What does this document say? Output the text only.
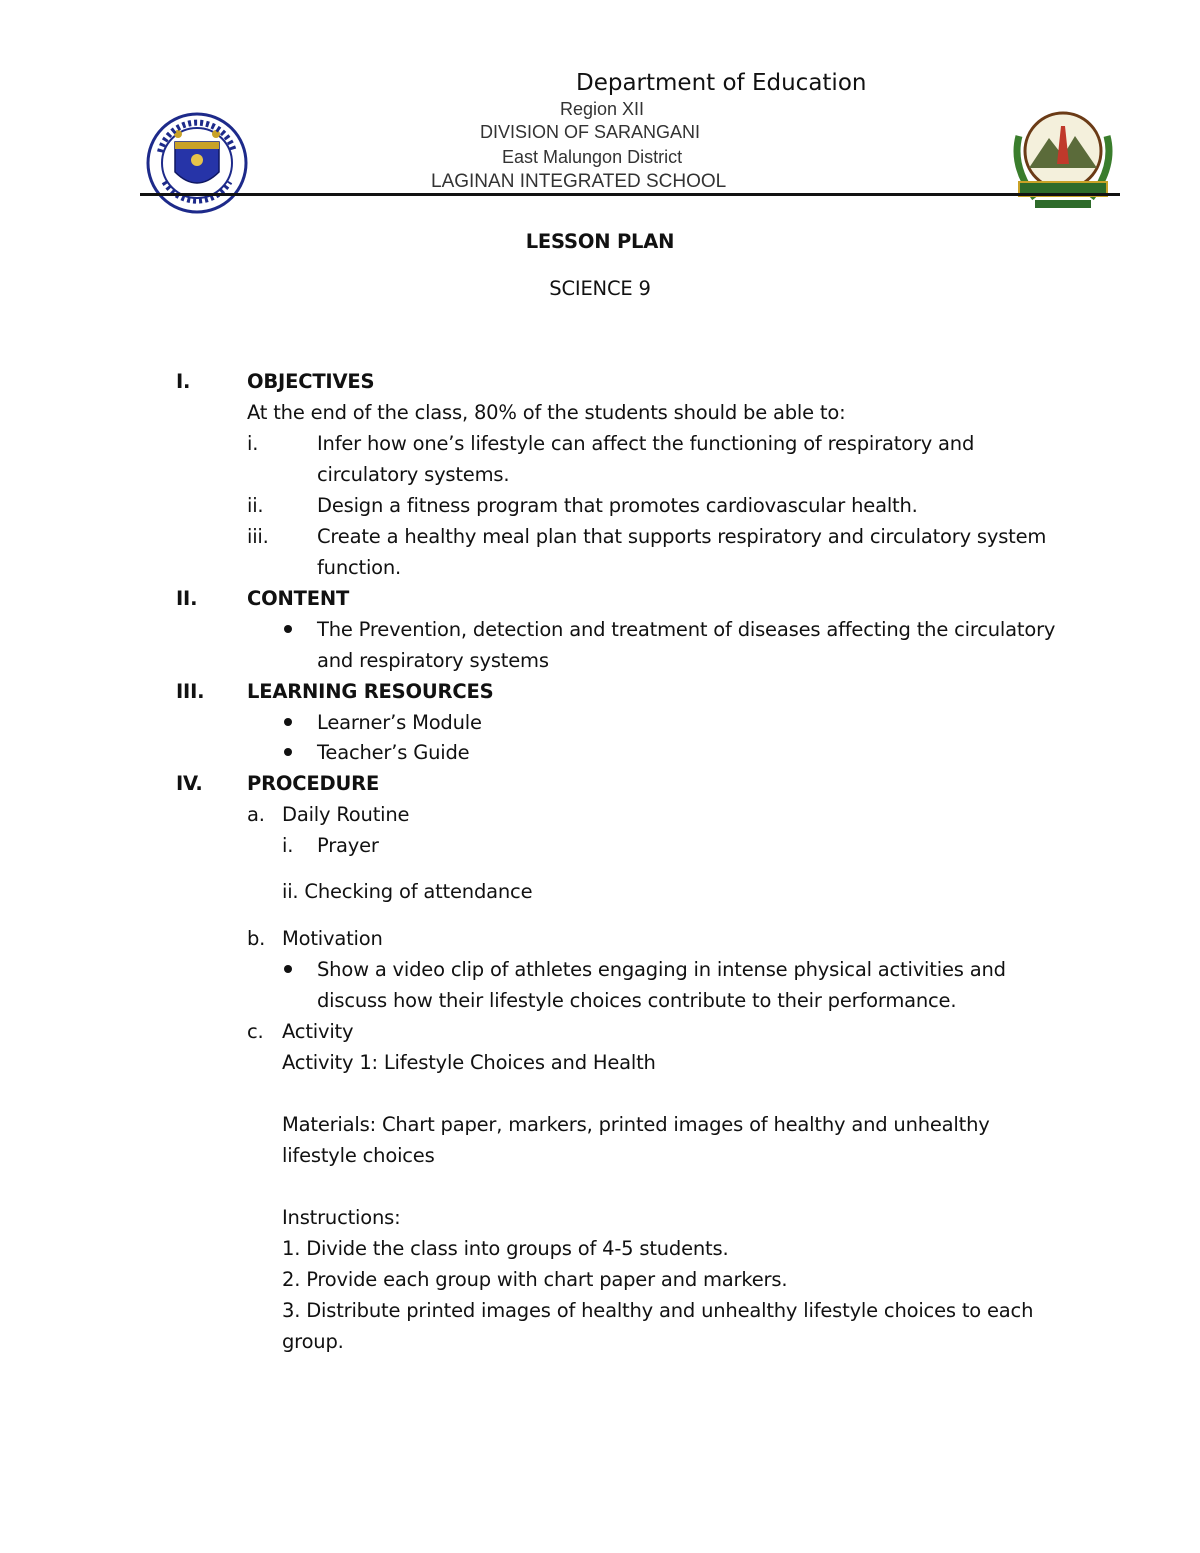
Department of Education
Region XII
DIVISION OF SARANGANI
East Malungon District
LAGINAN INTEGRATED SCHOOL
LESSON PLAN
SCIENCE 9
I.	OBJECTIVES
At the end of the class, 80% of the students should be able to:
i.	Infer how one’s lifestyle can affect the functioning of respiratory and
circulatory systems.
ii.	Design a fitness program that promotes cardiovascular health.
iii. Create a healthy meal plan that supports respiratory and circulatory system
function.
II.	CONTENT
The Prevention, detection and treatment of diseases affecting the circulatory
and respiratory systems
III. LEARNING RESOURCES
Learner’s Module
Teacher’s Guide
IV. PROCEDURE
a. Daily Routine
i. Prayer
ii. Checking of attendance
b. Motivation
Show a video clip of athletes engaging in intense physical activities and
discuss how their lifestyle choices contribute to their performance.
c. Activity
Activity 1: Lifestyle Choices and Health
Materials: Chart paper, markers, printed images of healthy and unhealthy
lifestyle choices
Instructions:
1. Divide the class into groups of 4-5 students.
2. Provide each group with chart paper and markers.
3. Distribute printed images of healthy and unhealthy lifestyle choices to each
group.
